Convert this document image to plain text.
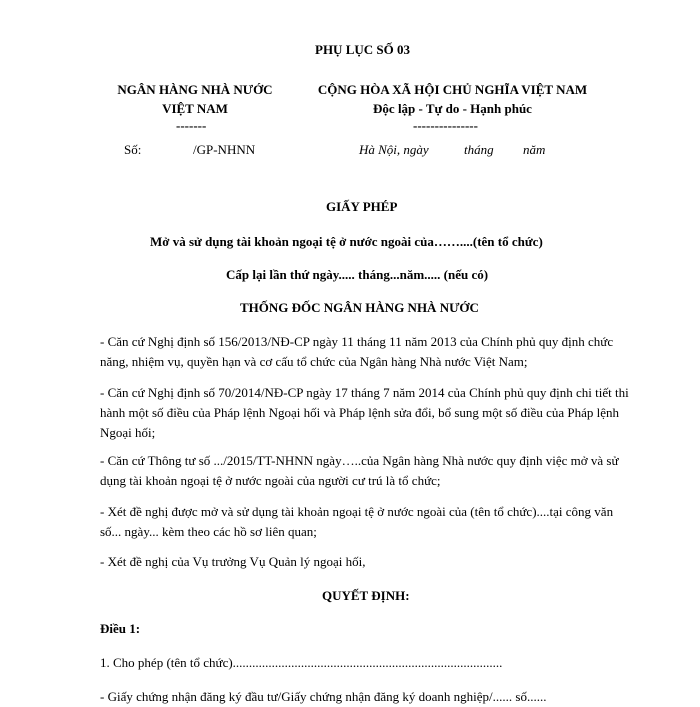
PHỤ LỤC SỐ 03
NGÂN HÀNG NHÀ NƯỚC
VIỆT NAM
-------
CỘNG HÒA XÃ HỘI CHỦ NGHĨA VIỆT NAM
Độc lập - Tự do - Hạnh phúc
---------------
Số:	/GP-NHNN	Hà Nội, ngày	tháng năm
GIẤY PHÉP
Mở và sử dụng tài khoản ngoại tệ ở nước ngoài của……....(tên tổ chức)
Cấp lại lần thứ ngày..... tháng...năm..... (nếu có)
THỐNG ĐỐC NGÂN HÀNG NHÀ NƯỚC
- Căn cứ Nghị định số 156/2013/NĐ-CP ngày 11 tháng 11 năm 2013 của Chính phủ quy định chức năng, nhiệm vụ, quyền hạn và cơ cấu tổ chức của Ngân hàng Nhà nước Việt Nam;
- Căn cứ Nghị định số 70/2014/NĐ-CP ngày 17 tháng 7 năm 2014 của Chính phủ quy định chi tiết thi hành một số điều của Pháp lệnh Ngoại hối và Pháp lệnh sửa đổi, bổ sung một số điều của Pháp lệnh Ngoại hối;
- Căn cứ Thông tư số .../2015/TT-NHNN ngày…..của Ngân hàng Nhà nước quy định việc mở và sử dụng tài khoản ngoại tệ ở nước ngoài của người cư trú là tổ chức;
- Xét đề nghị được mở và sử dụng tài khoản ngoại tệ ở nước ngoài của (tên tổ chức)....tại công văn số... ngày... kèm theo các hồ sơ liên quan;
- Xét đề nghị của Vụ trưởng Vụ Quản lý ngoại hối,
QUYẾT ĐỊNH:
Điều 1:
1. Cho phép (tên tổ chức)...................................................................................
- Giấy chứng nhận đăng ký đầu tư/Giấy chứng nhận đăng ký doanh nghiệp/...... số......
